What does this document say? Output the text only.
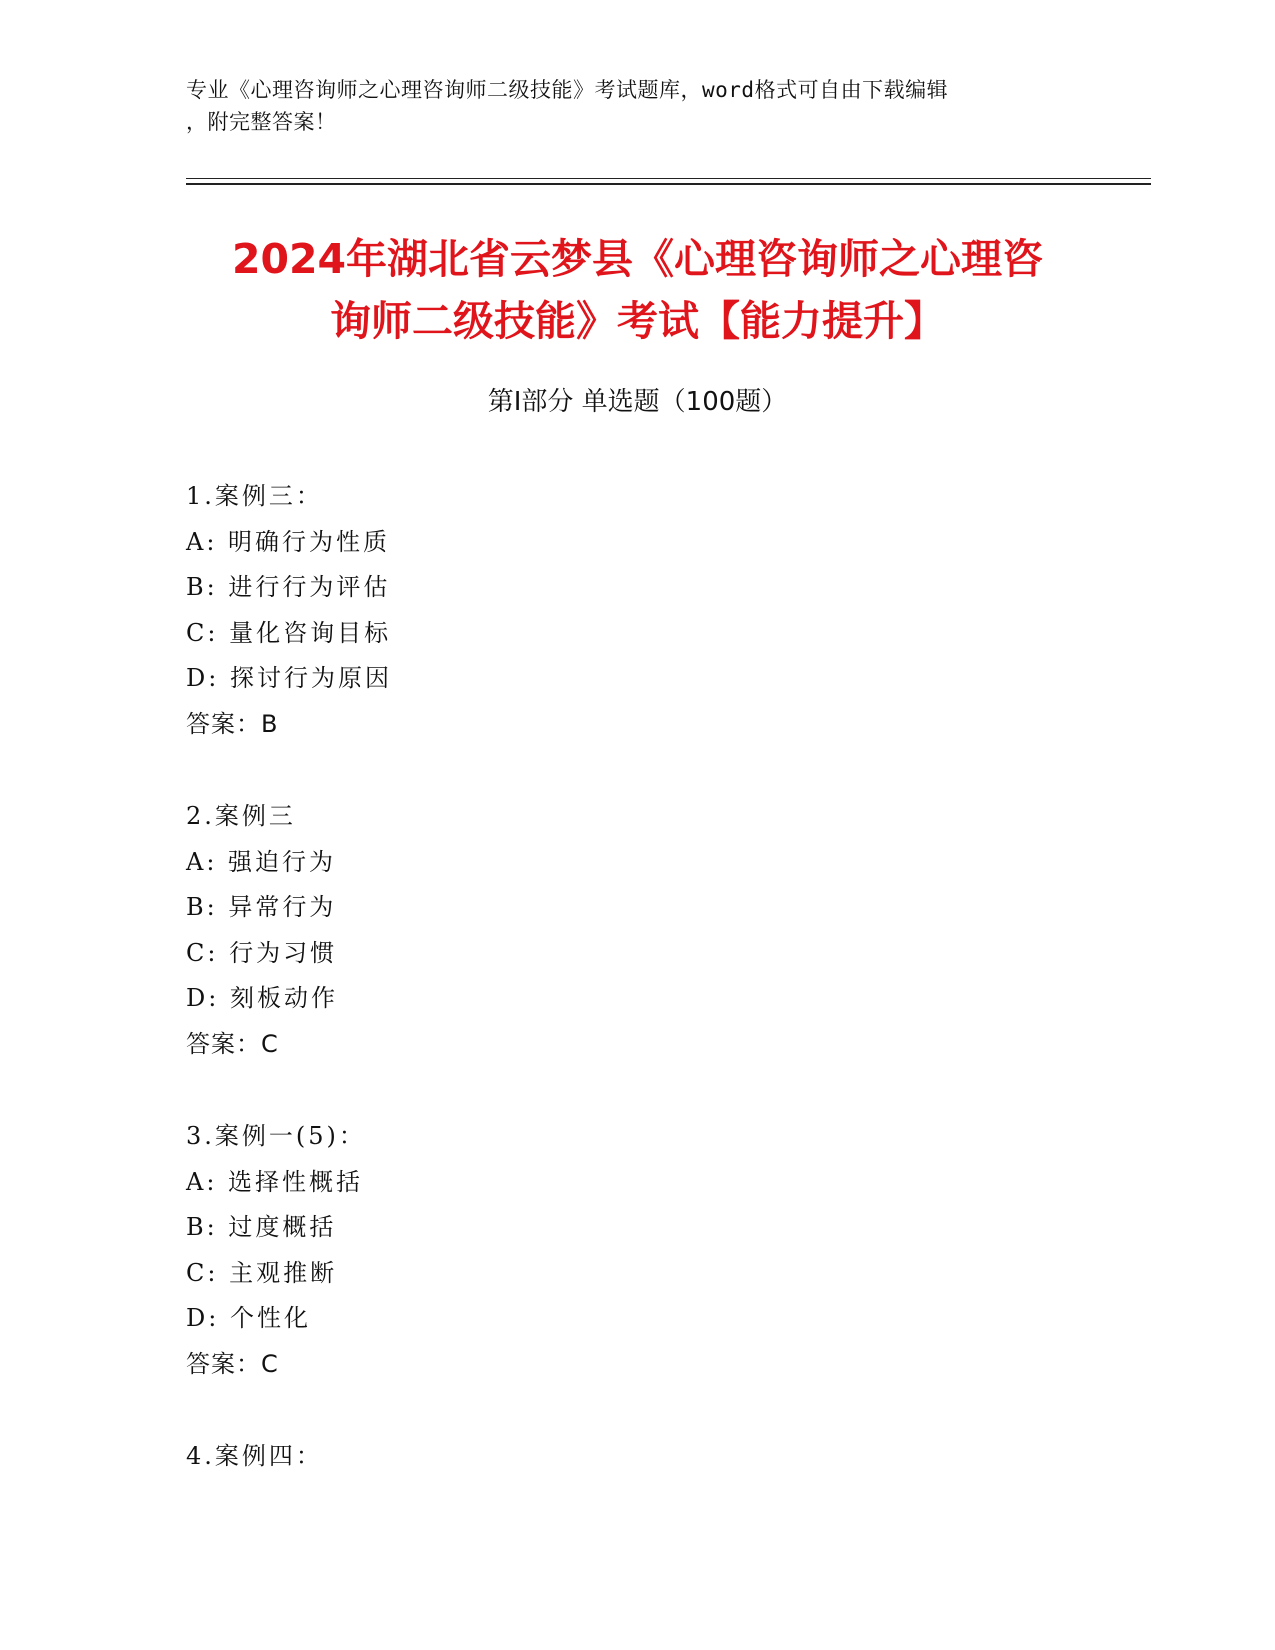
专业《心理咨询师之心理咨询师二级技能》考试题库，word格式可自由下载编辑
，附完整答案！
2024年湖北省云梦县《心理咨询师之心理咨
询师二级技能》考试【能力提升】
第Ⅰ部分 单选题（100题）
1.案例三：
A: 明确行为性质
B: 进行行为评估
C: 量化咨询目标
D: 探讨行为原因
答案：B
2.案例三
A: 强迫行为
B: 异常行为
C: 行为习惯
D: 刻板动作
答案：C
3.案例一(5)：
A: 选择性概括
B: 过度概括
C: 主观推断
D: 个性化
答案：C
4.案例四：
